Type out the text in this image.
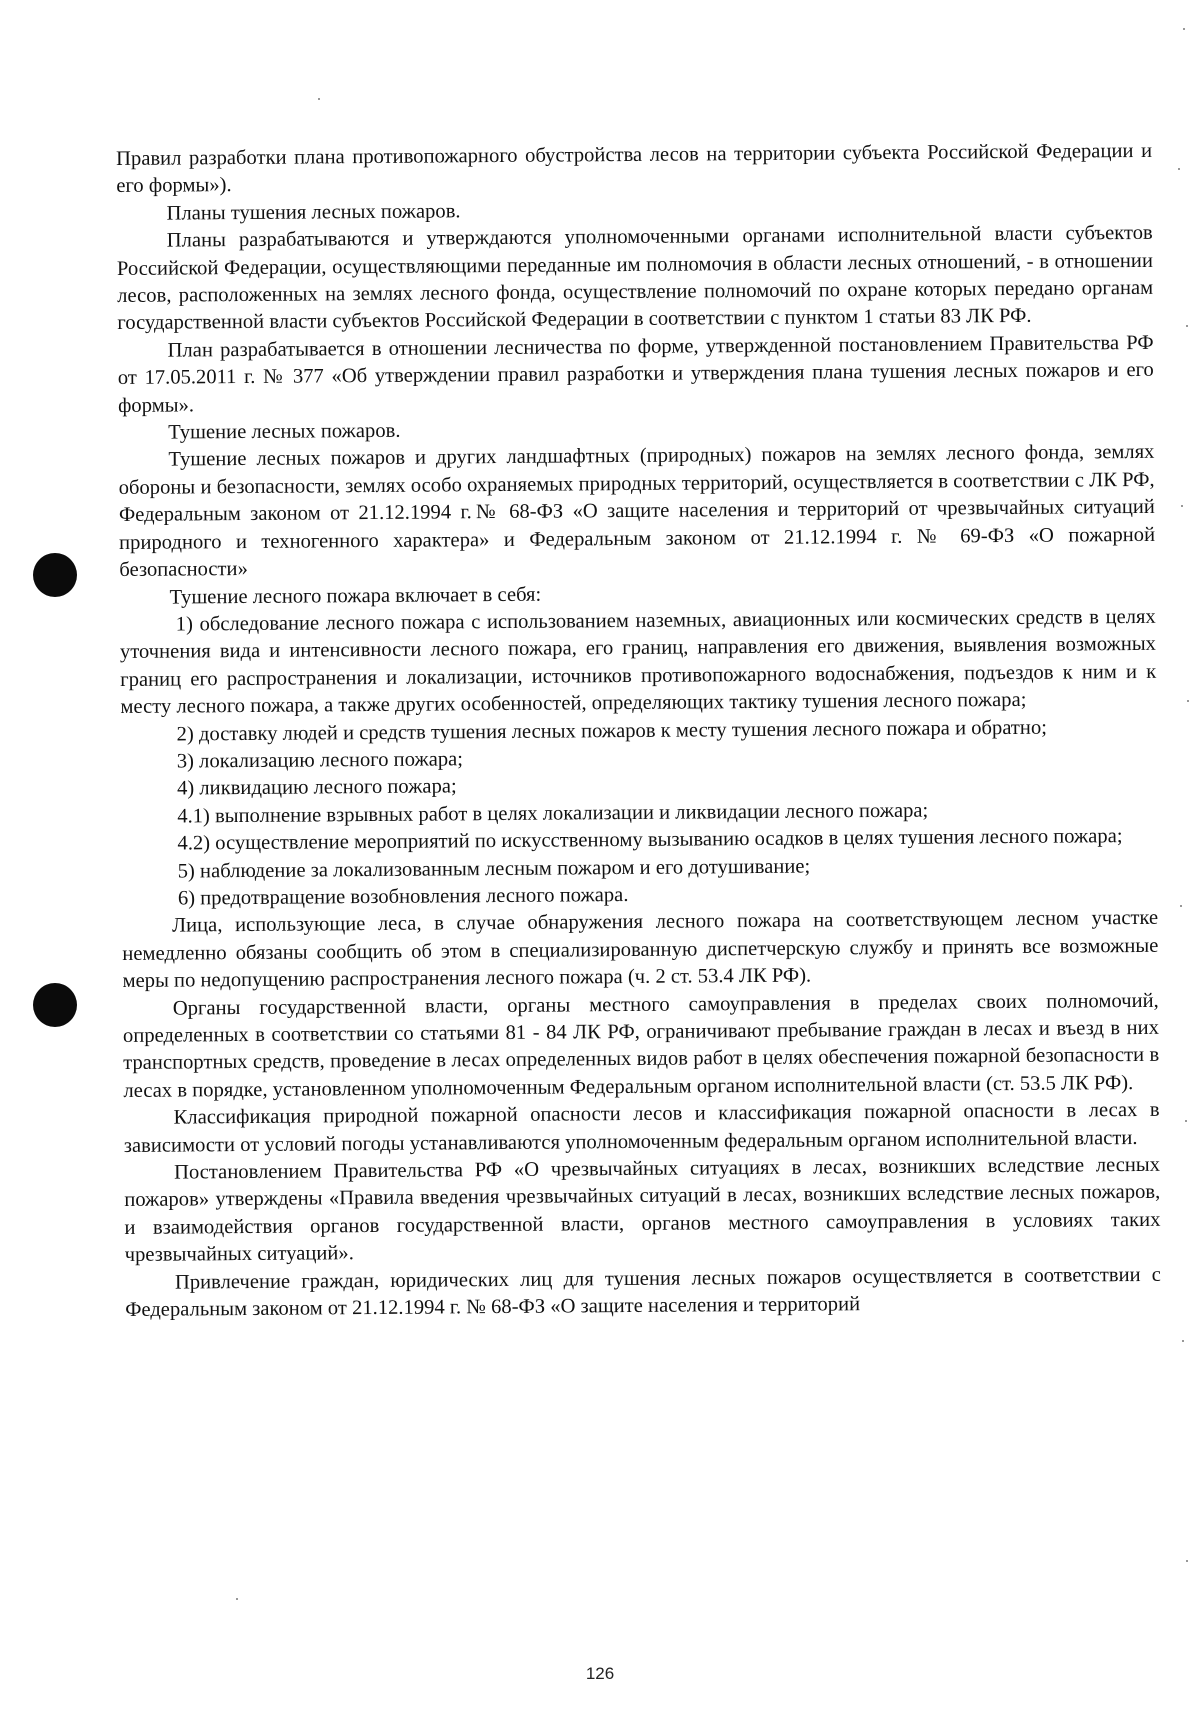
Правил разработки плана противопожарного обустройства лесов на территории субъекта Российской Федерации и его формы»).

Планы тушения лесных пожаров.

Планы разрабатываются и утверждаются уполномоченными органами исполнительной власти субъектов Российской Федерации, осуществляющими переданные им полномочия в области лесных отношений, - в отношении лесов, расположенных на землях лесного фонда, осуществление полномочий по охране которых передано органам государственной власти субъектов Российской Федерации в соответствии с пунктом 1 статьи 83 ЛК РФ.

План разрабатывается в отношении лесничества по форме, утвержденной постановлением Правительства РФ от 17.05.2011 г. № 377 «Об утверждении правил разработки и утверждения плана тушения лесных пожаров и его формы».

Тушение лесных пожаров.

Тушение лесных пожаров и других ландшафтных (природных) пожаров на землях лесного фонда, землях обороны и безопасности, землях особо охраняемых природных территорий, осуществляется в соответствии с ЛК РФ, Федеральным законом от 21.12.1994 г.№ 68-ФЗ «О защите населения и территорий от чрезвычайных ситуаций природного и техногенного характера» и Федеральным законом от 21.12.1994 г. № 69-ФЗ «О пожарной безопасности»

Тушение лесного пожара включает в себя:

1) обследование лесного пожара с использованием наземных, авиационных или космических средств в целях уточнения вида и интенсивности лесного пожара, его границ, направления его движения, выявления возможных границ его распространения и локализации, источников противопожарного водоснабжения, подъездов к ним и к месту лесного пожара, а также других особенностей, определяющих тактику тушения лесного пожара;

2) доставку людей и средств тушения лесных пожаров к месту тушения лесного пожара и обратно;

3) локализацию лесного пожара;

4) ликвидацию лесного пожара;

4.1) выполнение взрывных работ в целях локализации и ликвидации лесного пожара;

4.2) осуществление мероприятий по искусственному вызыванию осадков в целях тушения лесного пожара;

5) наблюдение за локализованным лесным пожаром и его дотушивание;

6) предотвращение возобновления лесного пожара.

Лица, использующие леса, в случае обнаружения лесного пожара на соответствующем лесном участке немедленно обязаны сообщить об этом в специализированную диспетчерскую службу и принять все возможные меры по недопущению распространения лесного пожара (ч. 2 ст. 53.4 ЛК РФ).

Органы государственной власти, органы местного самоуправления в пределах своих полномочий, определенных в соответствии со статьями 81 - 84 ЛК РФ, ограничивают пребывание граждан в лесах и въезд в них транспортных средств, проведение в лесах определенных видов работ в целях обеспечения пожарной безопасности в лесах в порядке, установленном уполномоченным Федеральным органом исполнительной власти (ст. 53.5 ЛК РФ).

Классификация природной пожарной опасности лесов и классификация пожарной опасности в лесах в зависимости от условий погоды устанавливаются уполномоченным федеральным органом исполнительной власти.

Постановлением Правительства РФ «О чрезвычайных ситуациях в лесах, возникших вследствие лесных пожаров» утверждены «Правила введения чрезвычайных ситуаций в лесах, возникших вследствие лесных пожаров, и взаимодействия органов государственной власти, органов местного самоуправления в условиях таких чрезвычайных ситуаций».

Привлечение граждан, юридических лиц для тушения лесных пожаров осуществляется в соответствии с Федеральным законом от 21.12.1994 г. № 68-ФЗ «О защите населения и территорий

126
